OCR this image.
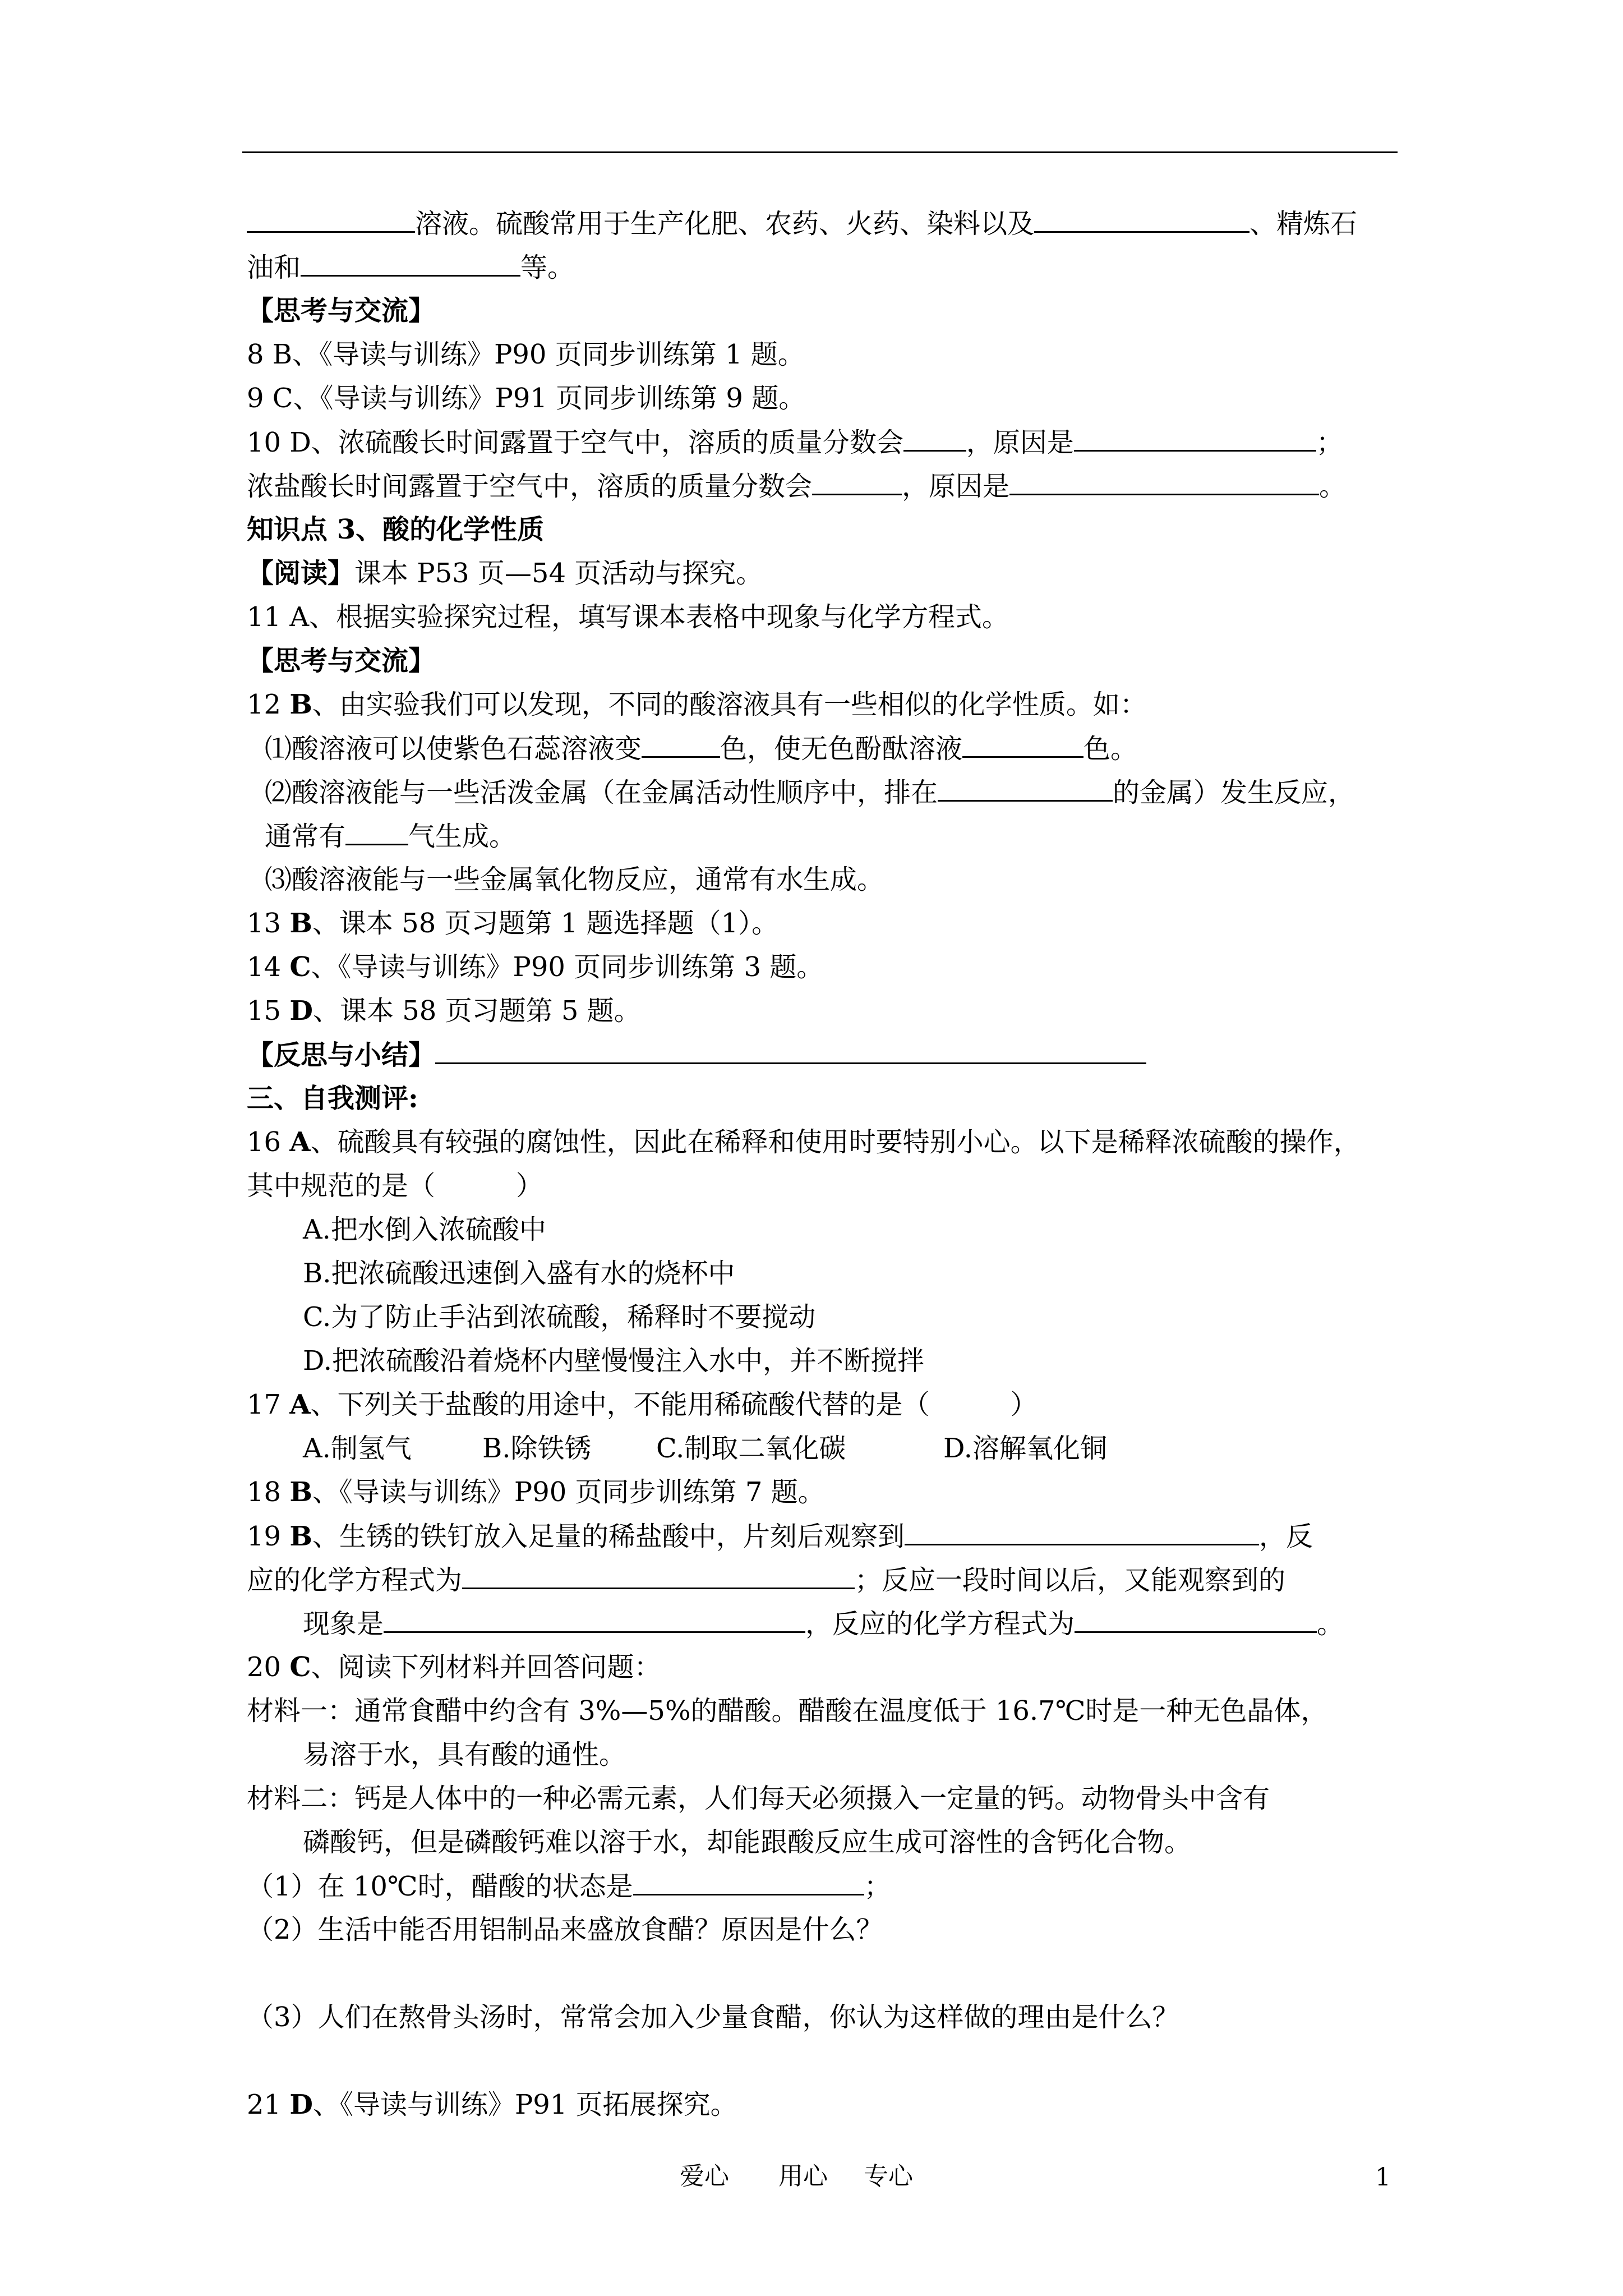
溶液。硫酸常用于生产化肥、农药、火药、染料以及	、精炼石
油和	等。
【思考与交流】
8 B、《导读与训练》P90 页同步训练第 1 题。
9 C、《导读与训练》P91 页同步训练第 9 题。
10 D、浓硫酸长时间露置于空气中，溶质的质量分数会 ，原因是	；
浓盐酸长时间露置于空气中，溶质的质量分数会	，原因是	。
知识点 3、酸的化学性质
【阅读】课本 P53 页—54 页活动与探究。
11 A、根据实验探究过程，填写课本表格中现象与化学方程式。
【思考与交流】
12 B、由实验我们可以发现，不同的酸溶液具有一些相似的化学性质。如：
⑴酸溶液可以使紫色石蕊溶液变	色，使无色酚酞溶液	色。
⑵酸溶液能与一些活泼金属（在金属活动性顺序中，排在	的金属）发生反应，
通常有 气生成。
⑶酸溶液能与一些金属氧化物反应，通常有水生成。
13 B、课本 58 页习题第 1 题选择题（1）。
14 C、《导读与训练》P90 页同步训练第 3 题。
15 D、课本 58 页习题第 5 题。
【反思与小结】
三、自我测评:
16 A、硫酸具有较强的腐蚀性，因此在稀释和使用时要特别小心。以下是稀释浓硫酸的操作，
其中规范的是（　　　）
A.把水倒入浓硫酸中
B.把浓硫酸迅速倒入盛有水的烧杯中
C.为了防止手沾到浓硫酸，稀释时不要搅动
D.把浓硫酸沿着烧杯内壁慢慢注入水中，并不断搅拌
17 A、下列关于盐酸的用途中，不能用稀硫酸代替的是（　　　）
A.制氢气	B.除铁锈 C.制取二氧化碳	D.溶解氧化铜
18 B、《导读与训练》P90 页同步训练第 7 题。
19 B、生锈的铁钉放入足量的稀盐酸中，片刻后观察到	，反
应的化学方程式为	；反应一段时间以后，又能观察到的
现象是	，反应的化学方程式为	。
20 C、阅读下列材料并回答问题：
材料一：通常食醋中约含有 3%—5%的醋酸。醋酸在温度低于 16.7℃时是一种无色晶体，
易溶于水，具有酸的通性。
材料二：钙是人体中的一种必需元素，人们每天必须摄入一定量的钙。动物骨头中含有
磷酸钙，但是磷酸钙难以溶于水，却能跟酸反应生成可溶性的含钙化合物。
（1）在 10℃时，醋酸的状态是	；
（2）生活中能否用铝制品来盛放食醋？原因是什么？
（3）人们在熬骨头汤时，常常会加入少量食醋，你认为这样做的理由是什么？
21 D、《导读与训练》P91 页拓展探究。
爱心 用心 专心	1
